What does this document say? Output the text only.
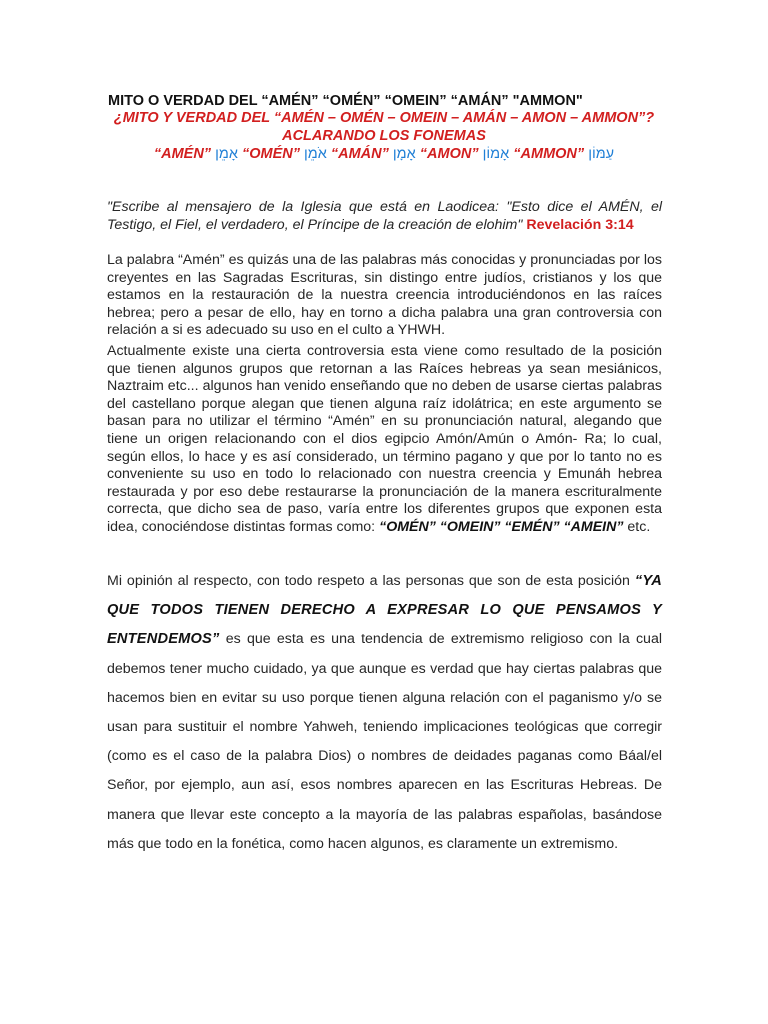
MITO O VERDAD DEL “AMÉN” “OMÉN” “OMEIN” “AMÁN” "AMMON"
¿MITO Y VERDAD DEL “AMÉN – OMÉN – OMEIN – AMÁN – AMON – AMMON”?
ACLARANDO LOS FONEMAS
“AMÉN” אָמֵן “OMÉN” אֹמֵן “AMÁN” אָמָן “AMON” אָמוֹן “AMMON” עַמּוֹן
"Escribe al mensajero de la Iglesia que está en Laodicea: "Esto dice el AMÉN, el Testigo, el Fiel, el verdadero, el Príncipe de la creación de elohim" Revelación 3:14
La palabra “Amén” es quizás una de las palabras más conocidas y pronunciadas por los creyentes en las Sagradas Escrituras, sin distingo entre judíos, cristianos y los que estamos en la restauración de la nuestra creencia introduciéndonos en las raíces hebrea; pero a pesar de ello, hay en torno a dicha palabra una gran controversia con relación a si es adecuado su uso en el culto a YHWH.
Actualmente existe una cierta controversia esta viene como resultado de la posición que tienen algunos grupos que retornan a las Raíces hebreas ya sean mesiánicos, Naztraim etc... algunos han venido enseñando que no deben de usarse ciertas palabras del castellano porque alegan que tienen alguna raíz idolátrica; en este argumento se basan para no utilizar el término “Amén” en su pronunciación natural, alegando que tiene un origen relacionando con el dios egipcio Amón/Amún o Amón- Ra; lo cual, según ellos, lo hace y es así considerado, un término pagano y que por lo tanto no es conveniente su uso en todo lo relacionado con nuestra creencia y Emunáh hebrea restaurada y por eso debe restaurarse la pronunciación de la manera escrituralmente correcta, que dicho sea de paso, varía entre los diferentes grupos que exponen esta idea, conociéndose distintas formas como: “OMÉN” “OMEIN” “EMÉN” “AMEIN” etc.
Mi opinión al respecto, con todo respeto a las personas que son de esta posición “YA QUE TODOS TIENEN DERECHO A EXPRESAR LO QUE PENSAMOS Y ENTENDEMOS” es que esta es una tendencia de extremismo religioso con la cual debemos tener mucho cuidado, ya que aunque es verdad que hay ciertas palabras que hacemos bien en evitar su uso porque tienen alguna relación con el paganismo y/o se usan para sustituir el nombre Yahweh, teniendo implicaciones teológicas que corregir (como es el caso de la palabra Dios) o nombres de deidades paganas como Báal/el Señor, por ejemplo, aun así, esos nombres aparecen en las Escrituras Hebreas. De manera que llevar este concepto a la mayoría de las palabras españolas, basándose más que todo en la fonética, como hacen algunos, es claramente un extremismo.
